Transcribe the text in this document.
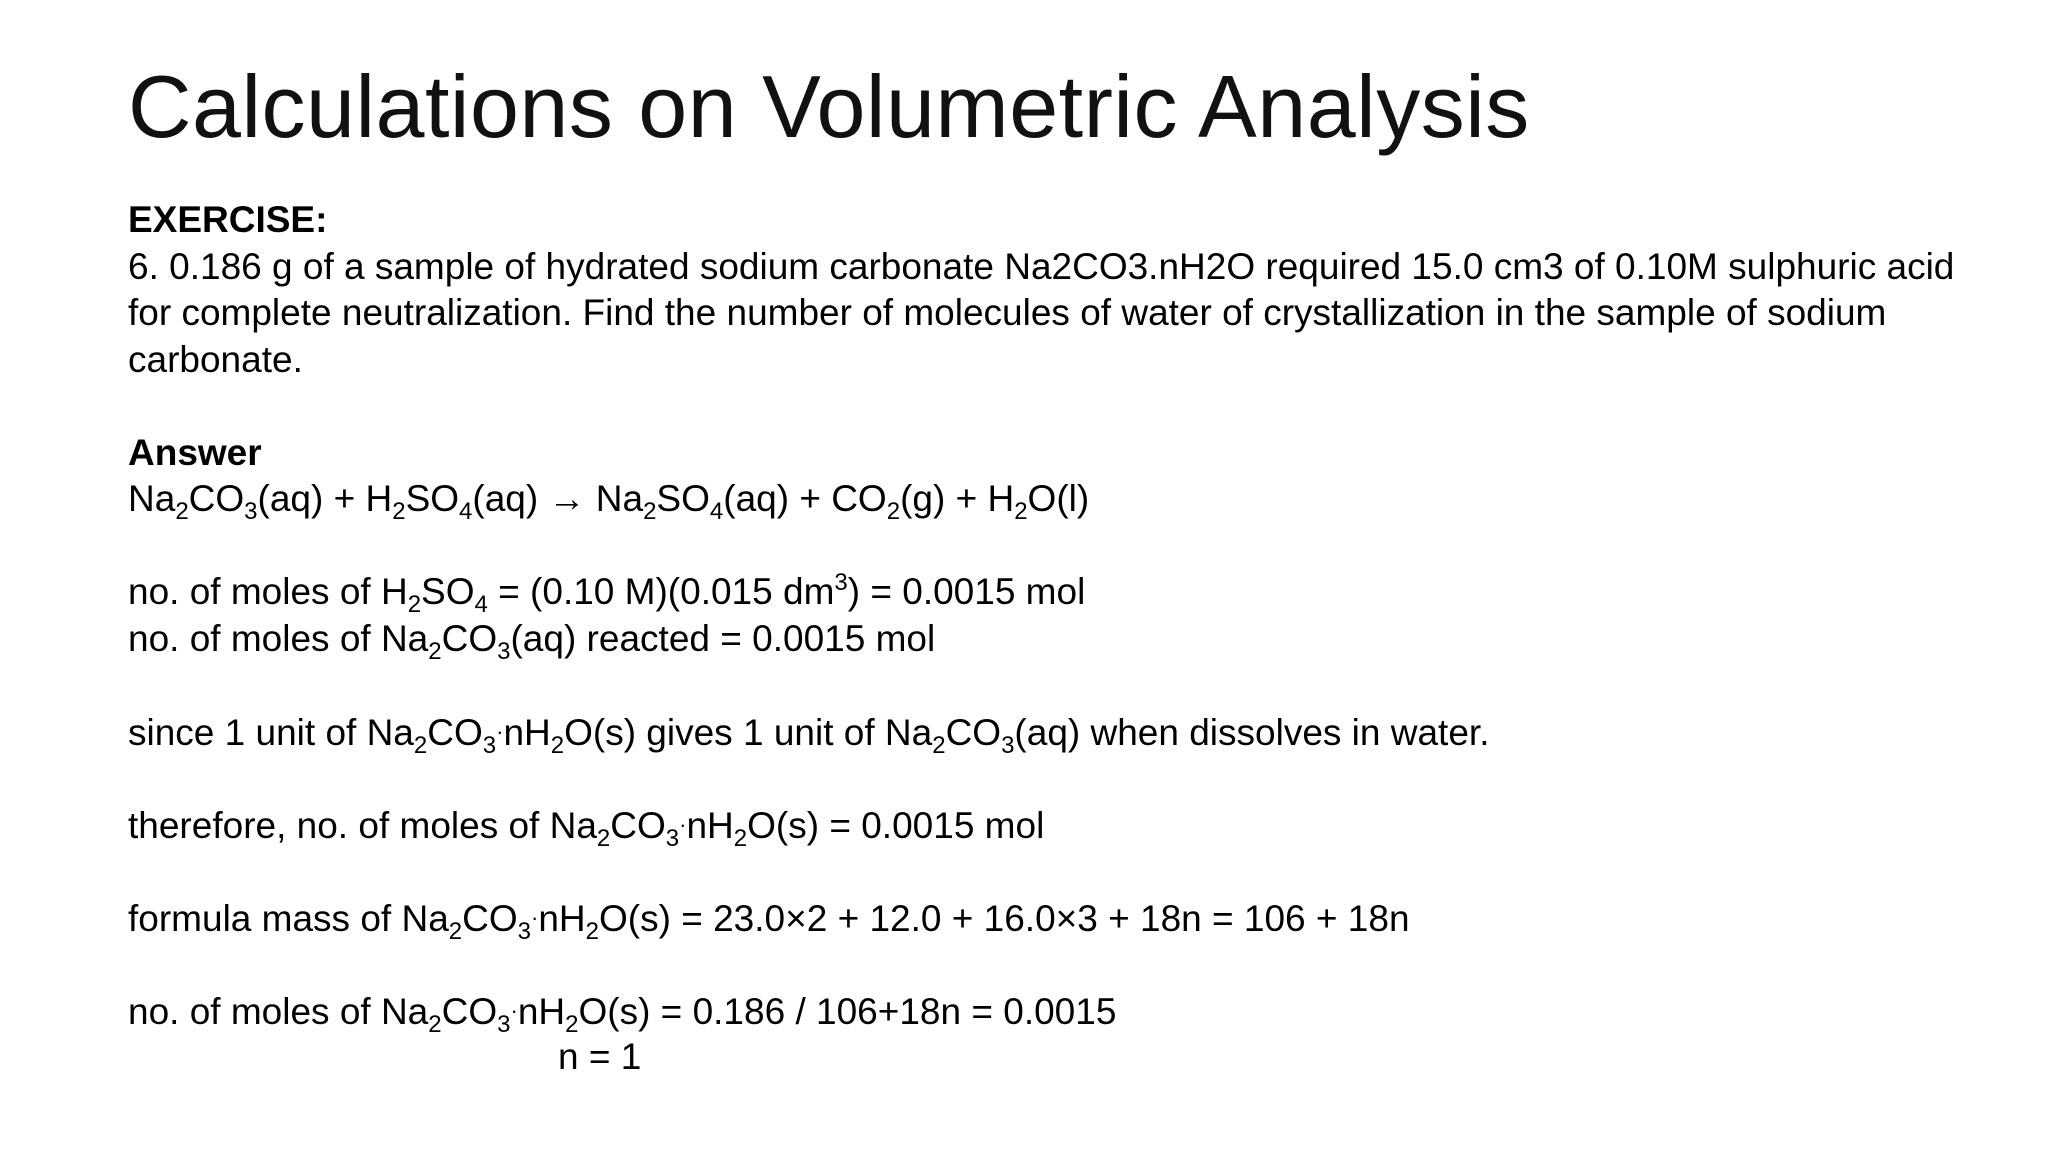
Calculations on Volumetric Analysis
EXERCISE:
6. 0.186 g of a sample of hydrated sodium carbonate Na2CO3.nH2O required 15.0 cm3 of 0.10M sulphuric acid for complete neutralization. Find the number of molecules of water of crystallization in the sample of sodium carbonate.
Answer
$Na_2CO_3(aq) + H_2SO_4(aq) \to Na_2SO_4(aq) + CO_2(g) + H_2O(l)$
no. of moles of $H_2SO_4 = (0.10$ M)(0.015 $dm^3) = 0.0015$ mol
no. of moles of $Na_2CO_3(aq)$ reacted = 0.0015 mol
since 1 unit of $Na_2CO_3\cdot nH_2O(s)$ gives 1 unit of $Na_2CO_3(aq)$ when dissolves in water.
therefore, no. of moles of $Na_2CO_3\cdot nH_2O(s) = 0.0015$ mol
formula mass of $Na_2CO_3\cdot nH_2O(s) = 23.0\times 2 + 12.0 + 16.0\times 3 + 18n = 106 + 18n$
no. of moles of $Na_2CO_3\cdot nH_2O(s) = 0.186 / 106+18n = 0.0015$
n = 1
